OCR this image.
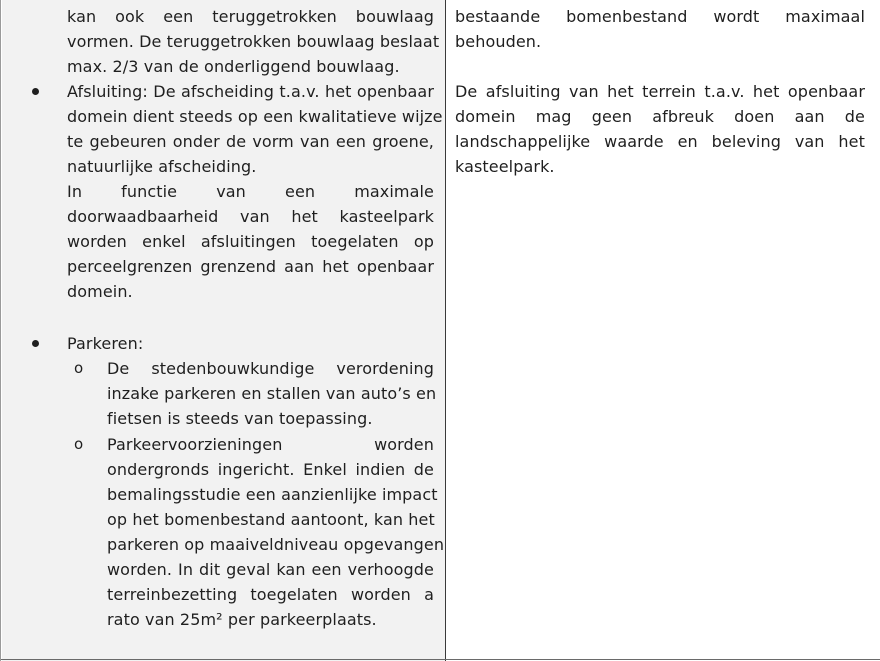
kan ook een teruggetrokken bouwlaag
vormen. De teruggetrokken bouwlaag beslaat
max. 2/3 van de onderliggend bouwlaag.
Afsluiting: De afscheiding t.a.v. het openbaar
domein dient steeds op een kwalitatieve wijze
te gebeuren onder de vorm van een groene,
natuurlijke afscheiding.
In functie van een maximale
doorwaadbaarheid van het kasteelpark
worden enkel afsluitingen toegelaten op
perceelgrenzen grenzend aan het openbaar
domein.
Parkeren:
o De stedenbouwkundige verordening
inzake parkeren en stallen van auto’s en
fietsen is steeds van toepassing.
o Parkeervoorzieningen worden
ondergronds ingericht. Enkel indien de
bemalingsstudie een aanzienlijke impact
op het bomenbestand aantoont, kan het
parkeren op maaiveldniveau opgevangen
worden. In dit geval kan een verhoogde
terreinbezetting toegelaten worden a
rato van 25m² per parkeerplaats.
bestaande bomenbestand wordt maximaal
behouden.
De afsluiting van het terrein t.a.v. het openbaar
domein mag geen afbreuk doen aan de
landschappelijke waarde en beleving van het
kasteelpark.
